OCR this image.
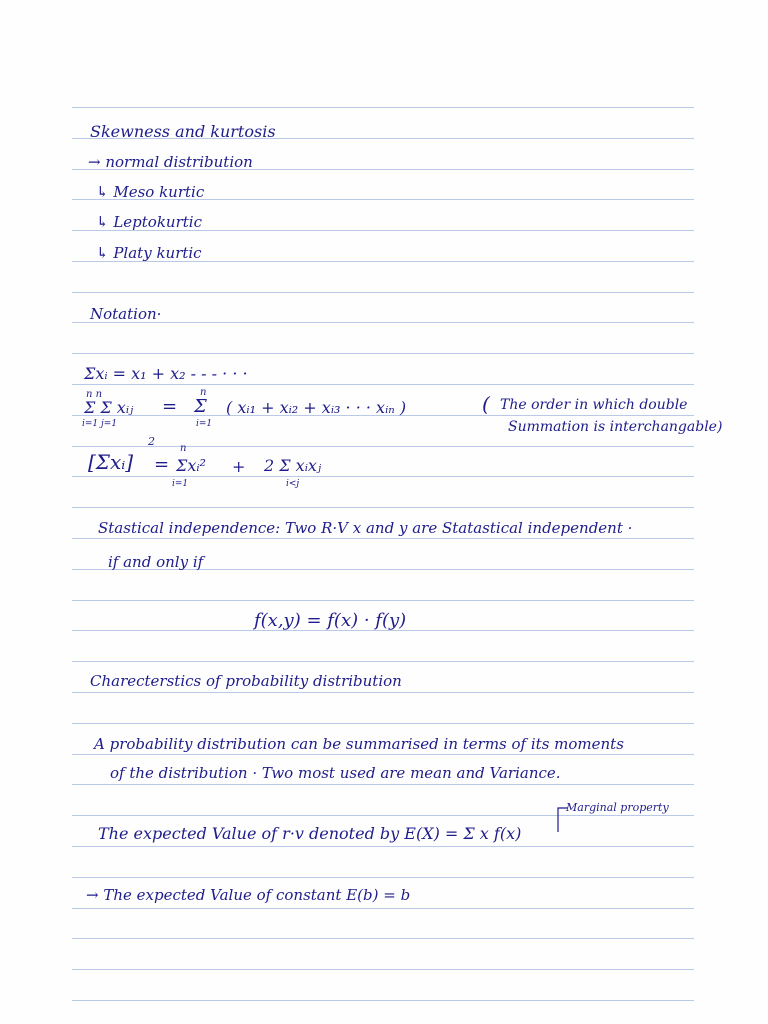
Skewness and kurtosis
→ normal distribution
↳ Meso kurtic
↳ Leptokurtic
↳ Platy kurtic
Notation·
Σxᵢ = x₁ + x₂ - - - · · ·
n n
Σ Σ xᵢⱼ
i=1 j=1
=
n
Σ
i=1
( xᵢ₁ + xᵢ₂ + xᵢ₃ · · · xᵢₙ )	( The order in which double
Summation is interchangable)
[Σxᵢ]
2
=
n
Σxᵢ²
i=1
+ 2 Σ xᵢxⱼ
i<j
Stastical independence: Two R·V x and y are Statastical independent ·
if and only if
f(x,y) = f(x) · f(y)
Charecterstics of probability distribution
A probability distribution can be summarised in terms of its moments
of the distribution · Two most used are mean and Variance.
Marginal property
The expected Value of r·v denoted by E(X) = Σ x f(x)
→ The expected Value of constant E(b) = b
